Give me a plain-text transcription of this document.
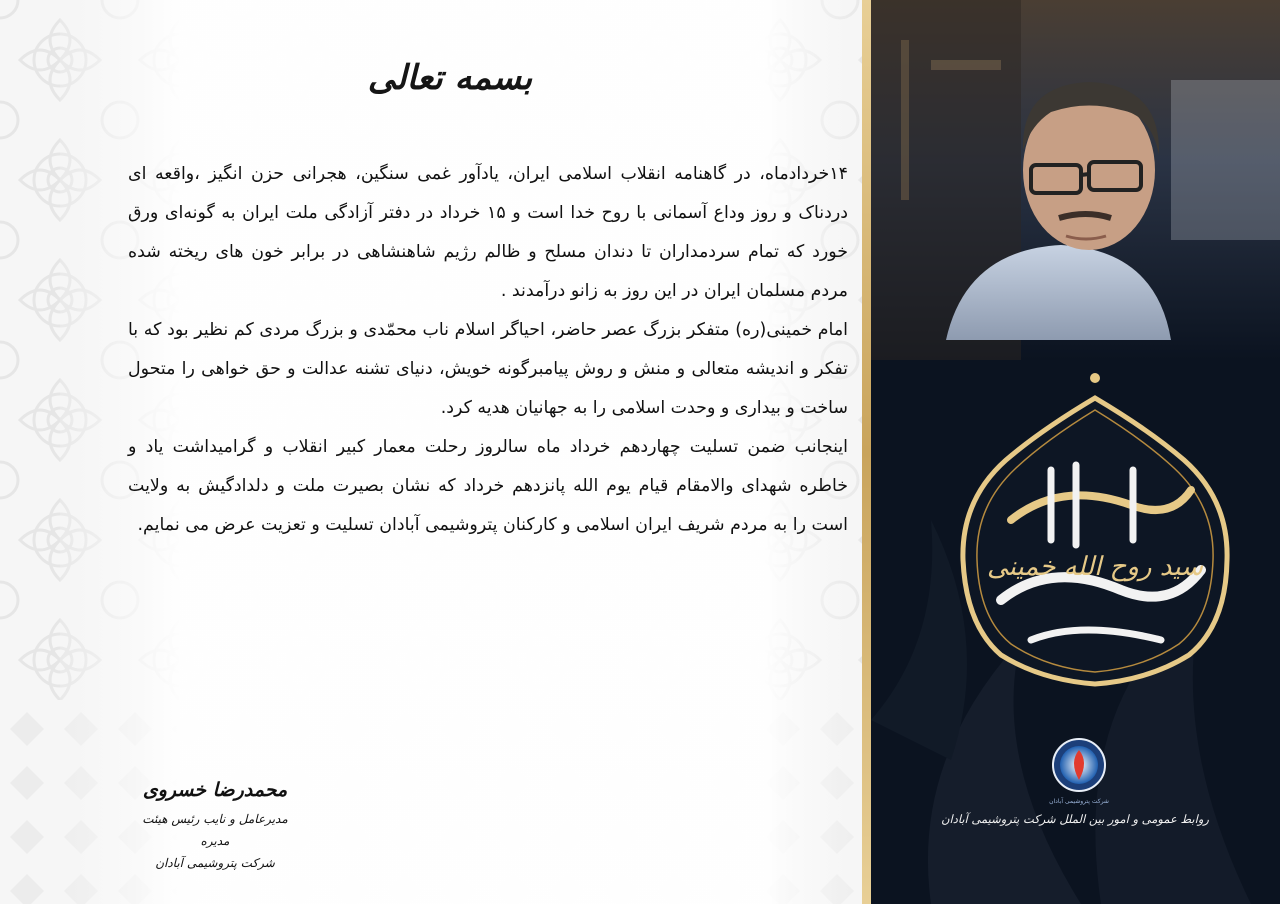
بسمه تعالی

۱۴خردادماه، در گاهنامه انقلاب اسلامی ایران، یادآور غمی سنگین، هجرانی حزن انگیز ،واقعه ای دردناک و روز وداع آسمانی با روح خدا است و ۱۵ خرداد در دفتر آزادگی ملت ایران به گونه‌ای ورق خورد که تمام سردمداران تا دندان مسلح و ظالم رژیم شاهنشاهی در برابر خون های ریخته شده مردم مسلمان ایران در این روز به زانو درآمدند .

امام خمینی(ره) متفکر بزرگ عصر حاضر، احیاگر اسلام ناب محمّدی و بزرگ مردی کم نظیر بود که با تفکر و اندیشه متعالی و منش و روش پیامبرگونه خویش، دنیای تشنه عدالت و حق خواهی را متحول ساخت و بیداری و وحدت اسلامی را به جهانیان هدیه کرد.

اینجانب ضمن تسلیت چهاردهم خرداد ماه سالروز رحلت معمار کبیر انقلاب و گرامیداشت یاد و خاطره شهدای والامقام قیام یوم الله پانزدهم خرداد که نشان بصیرت ملت و دلدادگیش به ولایت است را به مردم شریف ایران اسلامی و کارکنان پتروشیمی آبادان تسلیت و تعزیت عرض می نمایم.

محمدرضا خسروی
مدیرعامل و نایب رئیس هیئت مدیره
شرکت پتروشیمی آبادان
سید روح الله خمینی
شرکت پتروشیمی آبادان
روابط عمومی و امور بین الملل شرکت پتروشیمی آبادان
